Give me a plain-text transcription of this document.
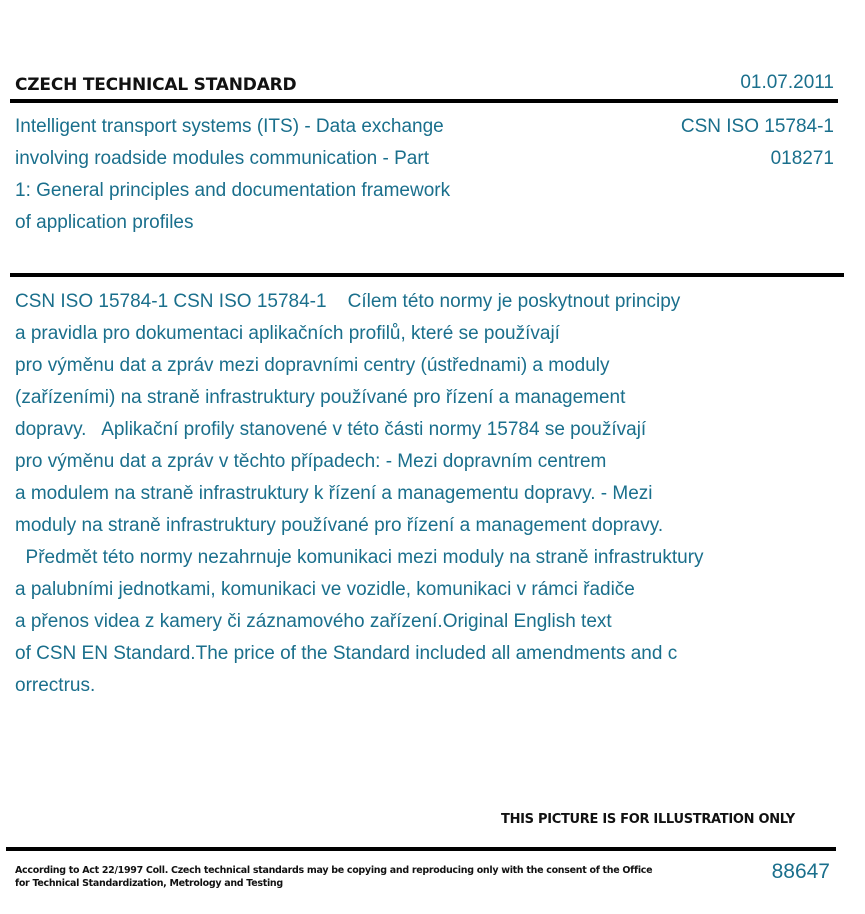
CZECH TECHNICAL STANDARD	01.07.2011
Intelligent transport systems (ITS) - Data exchange
involving roadside modules communication - Part
1: General principles and documentation framework
of application profiles
CSN ISO 15784-1
018271
CSN ISO 15784-1 CSN ISO 15784-1    Cílem této normy je poskytnout principy
a pravidla pro dokumentaci aplikačních profilů, které se používají
pro výměnu dat a zpráv mezi dopravními centry (ústřednami) a moduly
(zařízeními) na straně infrastruktury používané pro řízení a management
dopravy.   Aplikační profily stanovené v této části normy 15784 se používají
pro výměnu dat a zpráv v těchto případech: - Mezi dopravním centrem
a modulem na straně infrastruktury k řízení a managementu dopravy. - Mezi
moduly na straně infrastruktury používané pro řízení a management dopravy.
Předmět této normy nezahrnuje komunikaci mezi moduly na straně infrastruktury
a palubními jednotkami, komunikaci ve vozidle, komunikaci v rámci řadiče
a přenos videa z kamery či záznamového zařízení.Original English text
of CSN EN Standard.The price of the Standard included all amendments and c
orrectrus.
THIS PICTURE IS FOR ILLUSTRATION ONLY
According to Act 22/1997 Coll. Czech technical standards may be copying and reproducing only with the consent of the Office
for Technical Standardization, Metrology and Testing
88647
